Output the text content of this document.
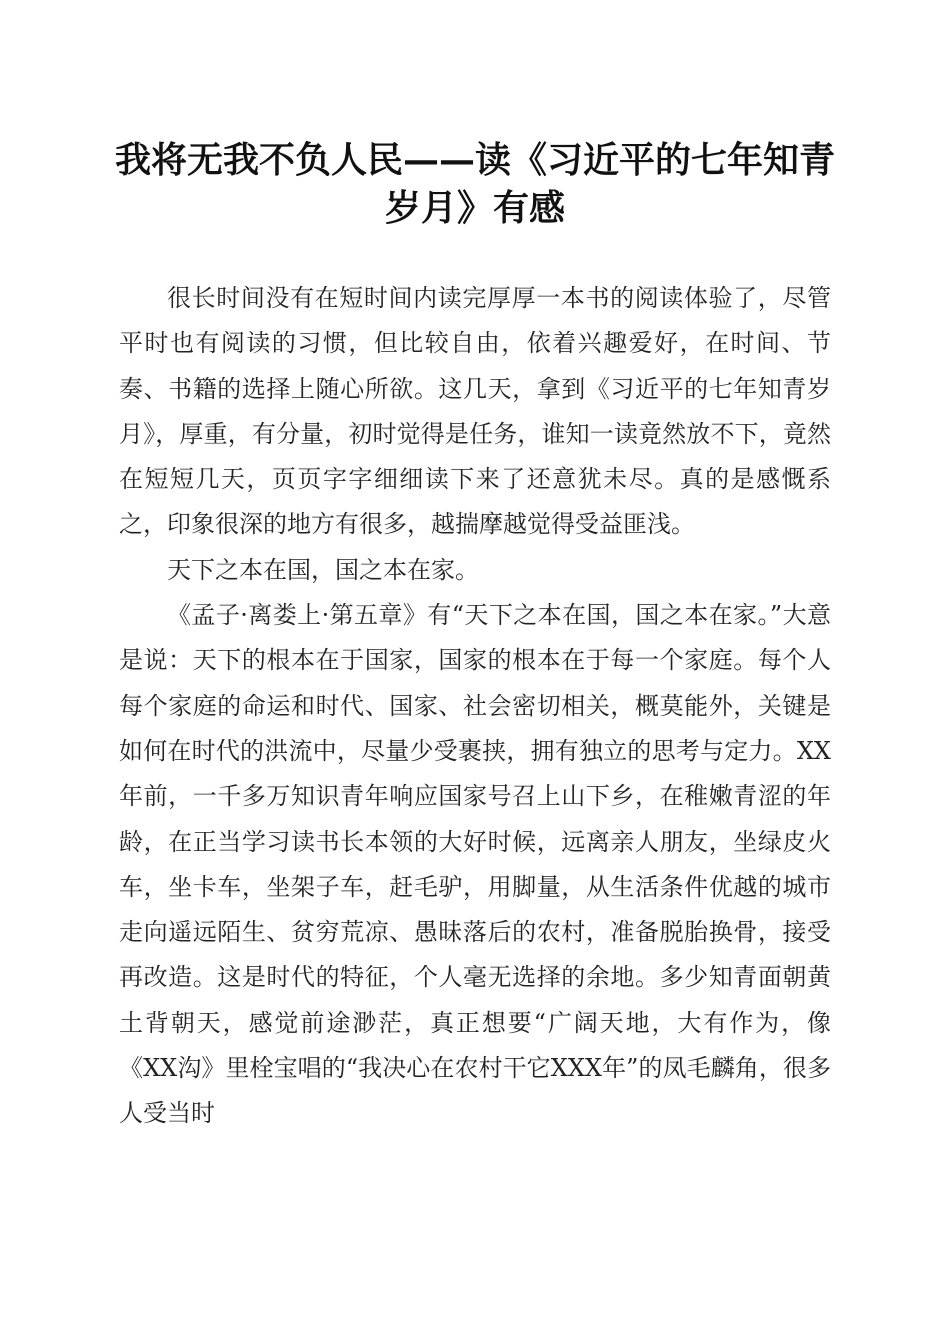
我将无我不负人民——读《习近平的七年知青
岁月》有感

很长时间没有在短时间内读完厚厚一本书的阅读体验了，尽管平时也有阅读的习惯，但比较自由，依着兴趣爱好，在时间、节奏、书籍的选择上随心所欲。这几天，拿到《习近平的七年知青岁月》，厚重，有分量，初时觉得是任务，谁知一读竟然放不下，竟然在短短几天，页页字字细细读下来了还意犹未尽。真的是感慨系之，印象很深的地方有很多，越揣摩越觉得受益匪浅。

天下之本在国，国之本在家。

《孟子·离娄上·第五章》有“天下之本在国，国之本在家。”大意是说：天下的根本在于国家，国家的根本在于每一个家庭。每个人每个家庭的命运和时代、国家、社会密切相关，概莫能外，关键是如何在时代的洪流中，尽量少受裹挟，拥有独立的思考与定力。XX年前，一千多万知识青年响应国家号召上山下乡，在稚嫩青涩的年龄，在正当学习读书长本领的大好时候，远离亲人朋友，坐绿皮火车，坐卡车，坐架子车，赶毛驴，用脚量，从生活条件优越的城市走向遥远陌生、贫穷荒凉、愚昧落后的农村，准备脱胎换骨，接受再改造。这是时代的特征，个人毫无选择的余地。多少知青面朝黄土背朝天，感觉前途渺茫，真正想要“广阔天地，大有作为，像《XX沟》里栓宝唱的“我决心在农村干它XXX年”的凤毛麟角，很多人受当时
